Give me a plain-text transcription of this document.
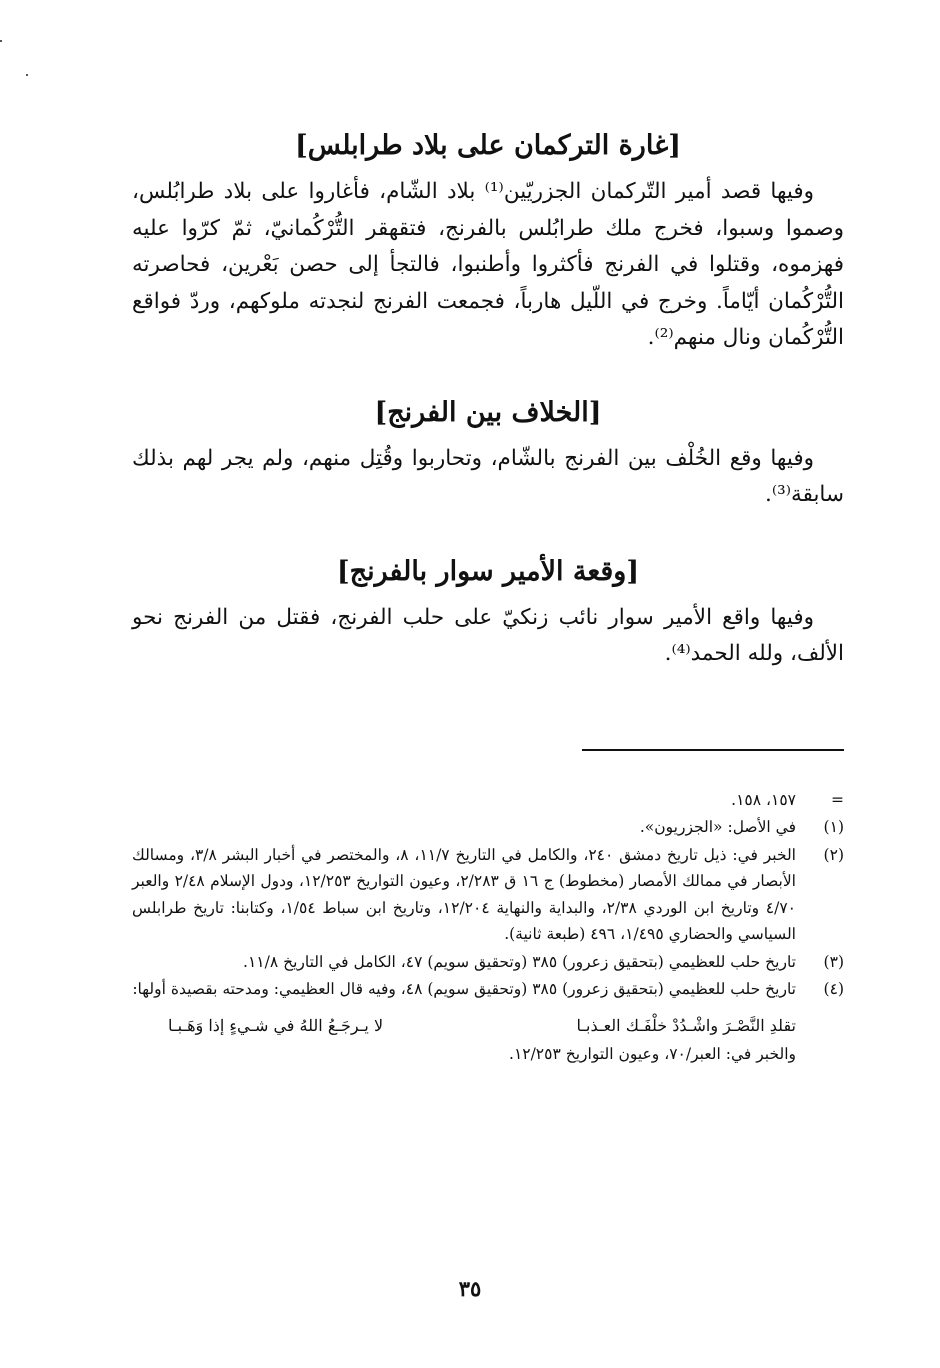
[غارة التركمان على بلاد طرابلس]

وفيها قصد أمير التّركمان الجزريّين⁽¹⁾ بلاد الشّام، فأغاروا على بلاد طرابُلس، وصموا وسبوا، فخرج ملك طرابُلس بالفرنج، فتقهقر التُّرْكُمانيّ، ثمّ كرّوا عليه فهزموه، وقتلوا في الفرنج فأكثروا وأطنبوا، فالتجأ إلى حصن بَعْرين، فحاصرته التُّرْكُمان أيّاماً. وخرج في اللّيل هارباً، فجمعت الفرنج لنجدته ملوكهم، وردّ فواقع التُّرْكُمان ونال منهم⁽²⁾.

[الخلاف بين الفرنج]

وفيها وقع الخُلْف بين الفرنج بالشّام، وتحاربوا وقُتِل منهم، ولم يجر لهم بذلك سابقة⁽³⁾.

[وقعة الأمير سوار بالفرنج]

وفيها واقع الأمير سوار نائب زنكيّ على حلب الفرنج، فقتل من الفرنج نحو الألف، ولله الحمد⁽⁴⁾.

=
١٥٧، ١٥٨.
(١)
في الأصل: «الجزريون».
(٢)
الخبر في: ذيل تاريخ دمشق ٢٤٠، والكامل في التاريخ ١١/٧، ٨، والمختصر في أخبار البشر ٣/٨، ومسالك الأبصار في ممالك الأمصار (مخطوط) ج ١٦ ق ٢/٢٨٣، وعيون التواريخ ١٢/٢٥٣، ودول الإسلام ٢/٤٨ والعبر ٤/٧٠ وتاريخ ابن الوردي ٢/٣٨، والبداية والنهاية ١٢/٢٠٤، وتاريخ ابن سباط ١/٥٤، وكتابنا: تاريخ طرابلس السياسي والحضاري ١/٤٩٥، ٤٩٦ (طبعة ثانية).
(٣)
تاريخ حلب للعظيمي (بتحقيق زعرور) ٣٨٥ (وتحقيق سويم) ٤٧، الكامل في التاريخ ١١/٨.
(٤)
تاريخ حلب للعظيمي (بتحقيق زعرور) ٣٨٥ (وتحقيق سويم) ٤٨، وفيه قال العظيمي: ومدحته بقصيدة أولها:
تقلدِ النَّصْـرَ واشْـدُدْ خلْفَـك العـذبـا
لا يـرجَـعُ اللهُ في شـيءٍ إذا وَهَـبـا
والخبر في: العبر/٧٠، وعيون التواريخ ١٢/٢٥٣.
٣٥
